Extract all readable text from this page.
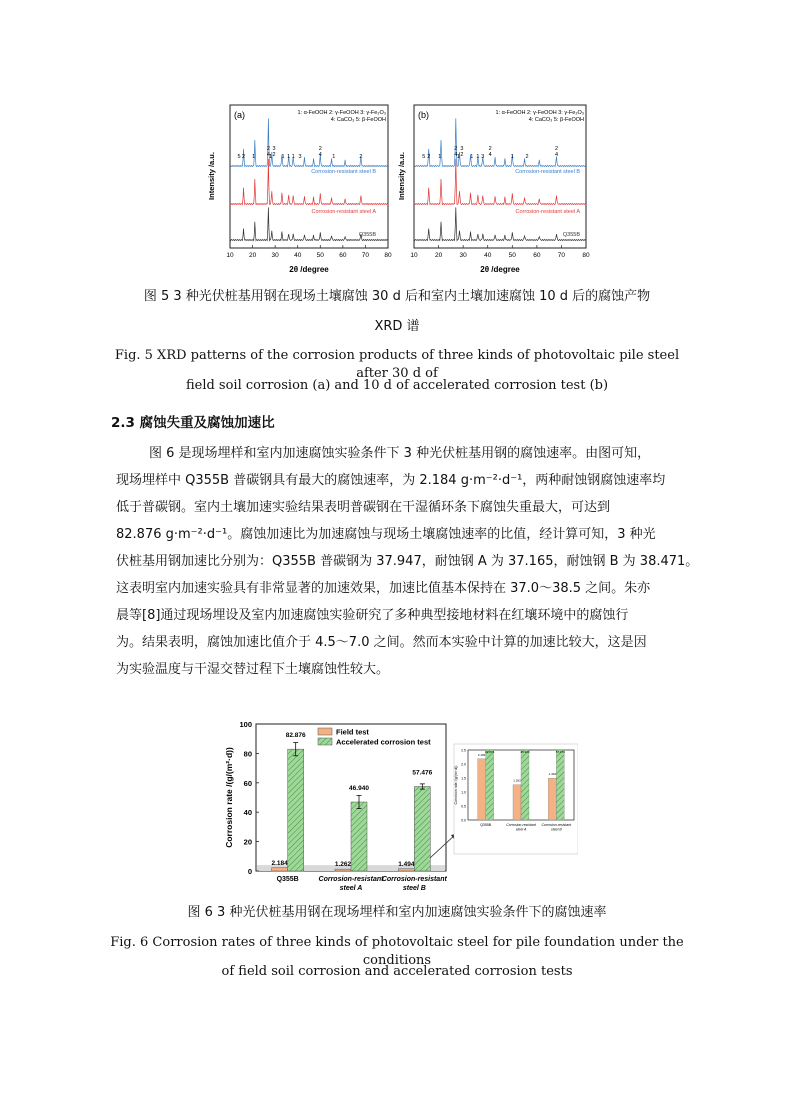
(a)	1: α-FeOOH 2: γ-FeOOH 3: γ-Fe₂O₃
4: CaCO₃ 5: β-FeOOH
Intensity /a.u.
2θ /degree
10 20 30 40 50 60 70 80
5 2 1
2
4 1
3
2 1 1 1 3
2
4 1	2
Corrosion-resistant steel B
Corrosion-resistant steel A
Q355B
(b)	1: α-FeOOH 2: γ-FeOOH 3: γ-Fe₂O₃
4: CaCO₃ 5: β-FeOOH
Intensity /a.u.
2θ /degree
10	20	30	40	50	60	70	80
5 2 1
2
4 1
3
2 1 1 3
2
4	1 2
2
4
Corrosion-resistant steel B
Corrosion-resistant steel A
Q355B
图 5 3 种光伏桩基用钢在现场土壤腐蚀 30 d 后和室内土壤加速腐蚀 10 d 后的腐蚀产物
XRD 谱
Fig. 5 XRD patterns of the corrosion products of three kinds of photovoltaic pile steel after 30 d of
field soil corrosion (a) and 10 d of accelerated corrosion test (b)
2.3 腐蚀失重及腐蚀加速比
图 6 是现场埋样和室内加速腐蚀实验条件下 3 种光伏桩基用钢的腐蚀速率。由图可知，
现场埋样中 Q355B 普碳钢具有最大的腐蚀速率，为 2.184 g·m⁻²·d⁻¹，两种耐蚀钢腐蚀速率均
低于普碳钢。室内土壤加速实验结果表明普碳钢在干湿循环条下腐蚀失重最大，可达到
82.876 g·m⁻²·d⁻¹。腐蚀加速比为加速腐蚀与现场土壤腐蚀速率的比值，经计算可知，3 种光
伏桩基用钢加速比分别为：Q355B 普碳钢为 37.947，耐蚀钢 A 为 37.165，耐蚀钢 B 为 38.471。
这表明室内加速实验具有非常显著的加速效果，加速比值基本保持在 37.0～38.5 之间。朱亦
晨等[8]通过现场埋设及室内加速腐蚀实验研究了多种典型接地材料在红壤环境中的腐蚀行
为。结果表明，腐蚀加速比值介于 4.5～7.0 之间。然而本实验中计算的加速比较大，这是因
为实验温度与干湿交替过程下土壤腐蚀性较大。
0
20
40
60
80
100
Corrosion rate /(g/(m²·d))
2.184
82.876
Q355B
1.262
46.940
Corrosion-resistant
steel A
1.494
57.476
Corrosion-resistant
steel B
Field test
Accelerated corrosion test
0.0
0.5
1.0
1.5
2.0
2.5
Corrosion rate /(g/(m²·d))
2.184
82.876
Q355B
1.262
46.940
Corrosion-resistant
steel A
1.494
57.476
Corrosion-resistant
steel B
图 6 3 种光伏桩基用钢在现场埋样和室内加速腐蚀实验条件下的腐蚀速率
Fig. 6 Corrosion rates of three kinds of photovoltaic steel for pile foundation under the conditions
of field soil corrosion and accelerated corrosion tests
